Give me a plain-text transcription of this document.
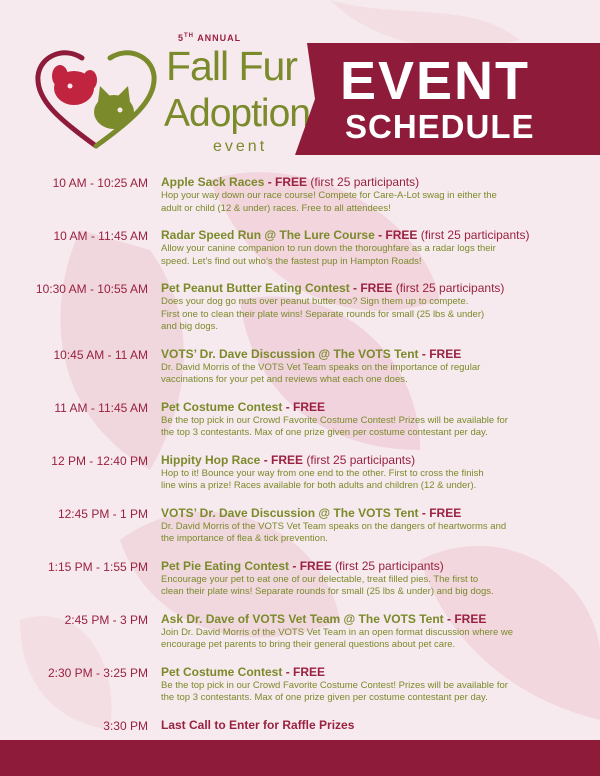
5TH ANNUAL
Fall Fur
Adoption
event
EVENT
SCHEDULE
10 AM - 10:25 AM Apple Sack Races - FREE (first 25 participants)
Hop your way down our race course! Compete for Care-A-Lot swag in either the
adult or child (12 & under) races. Free to all attendees!
10 AM - 11:45 AM Radar Speed Run @ The Lure Course - FREE (first 25 participants)
Allow your canine companion to run down the thoroughfare as a radar logs their
speed. Let’s find out who’s the fastest pup in Hampton Roads!
10:30 AM - 10:55 AM Pet Peanut Butter Eating Contest - FREE (first 25 participants)
Does your dog go nuts over peanut butter too? Sign them up to compete.
First one to clean their plate wins! Separate rounds for small (25 lbs & under)
and big dogs.
10:45 AM - 11 AM VOTS’ Dr. Dave Discussion @ The VOTS Tent - FREE
Dr. David Morris of the VOTS Vet Team speaks on the importance of regular
vaccinations for your pet and reviews what each one does.
11 AM - 11:45 AM Pet Costume Contest - FREE
Be the top pick in our Crowd Favorite Costume Contest! Prizes will be available for
the top 3 contestants. Max of one prize given per costume contestant per day.
12 PM - 12:40 PM Hippity Hop Race - FREE (first 25 participants)
Hop to it! Bounce your way from one end to the other. First to cross the finish
line wins a prize! Races available for both adults and children (12 & under).
12:45 PM - 1 PM VOTS’ Dr. Dave Discussion @ The VOTS Tent - FREE
Dr. David Morris of the VOTS Vet Team speaks on the dangers of heartworms and
the importance of flea & tick prevention.
1:15 PM - 1:55 PM Pet Pie Eating Contest - FREE (first 25 participants)
Encourage your pet to eat one of our delectable, treat filled pies. The first to
clean their plate wins! Separate rounds for small (25 lbs & under) and big dogs.
2:45 PM - 3 PM Ask Dr. Dave of VOTS Vet Team @ The VOTS Tent - FREE
Join Dr. David Morris of the VOTS Vet Team in an open format discussion where we
encourage pet parents to bring their general questions about pet care.
2:30 PM - 3:25 PM Pet Costume Contest - FREE
Be the top pick in our Crowd Favorite Costume Contest! Prizes will be available for
the top 3 contestants. Max of one prize given per costume contestant per day.
3:30 PM Last Call to Enter for Raffle Prizes
